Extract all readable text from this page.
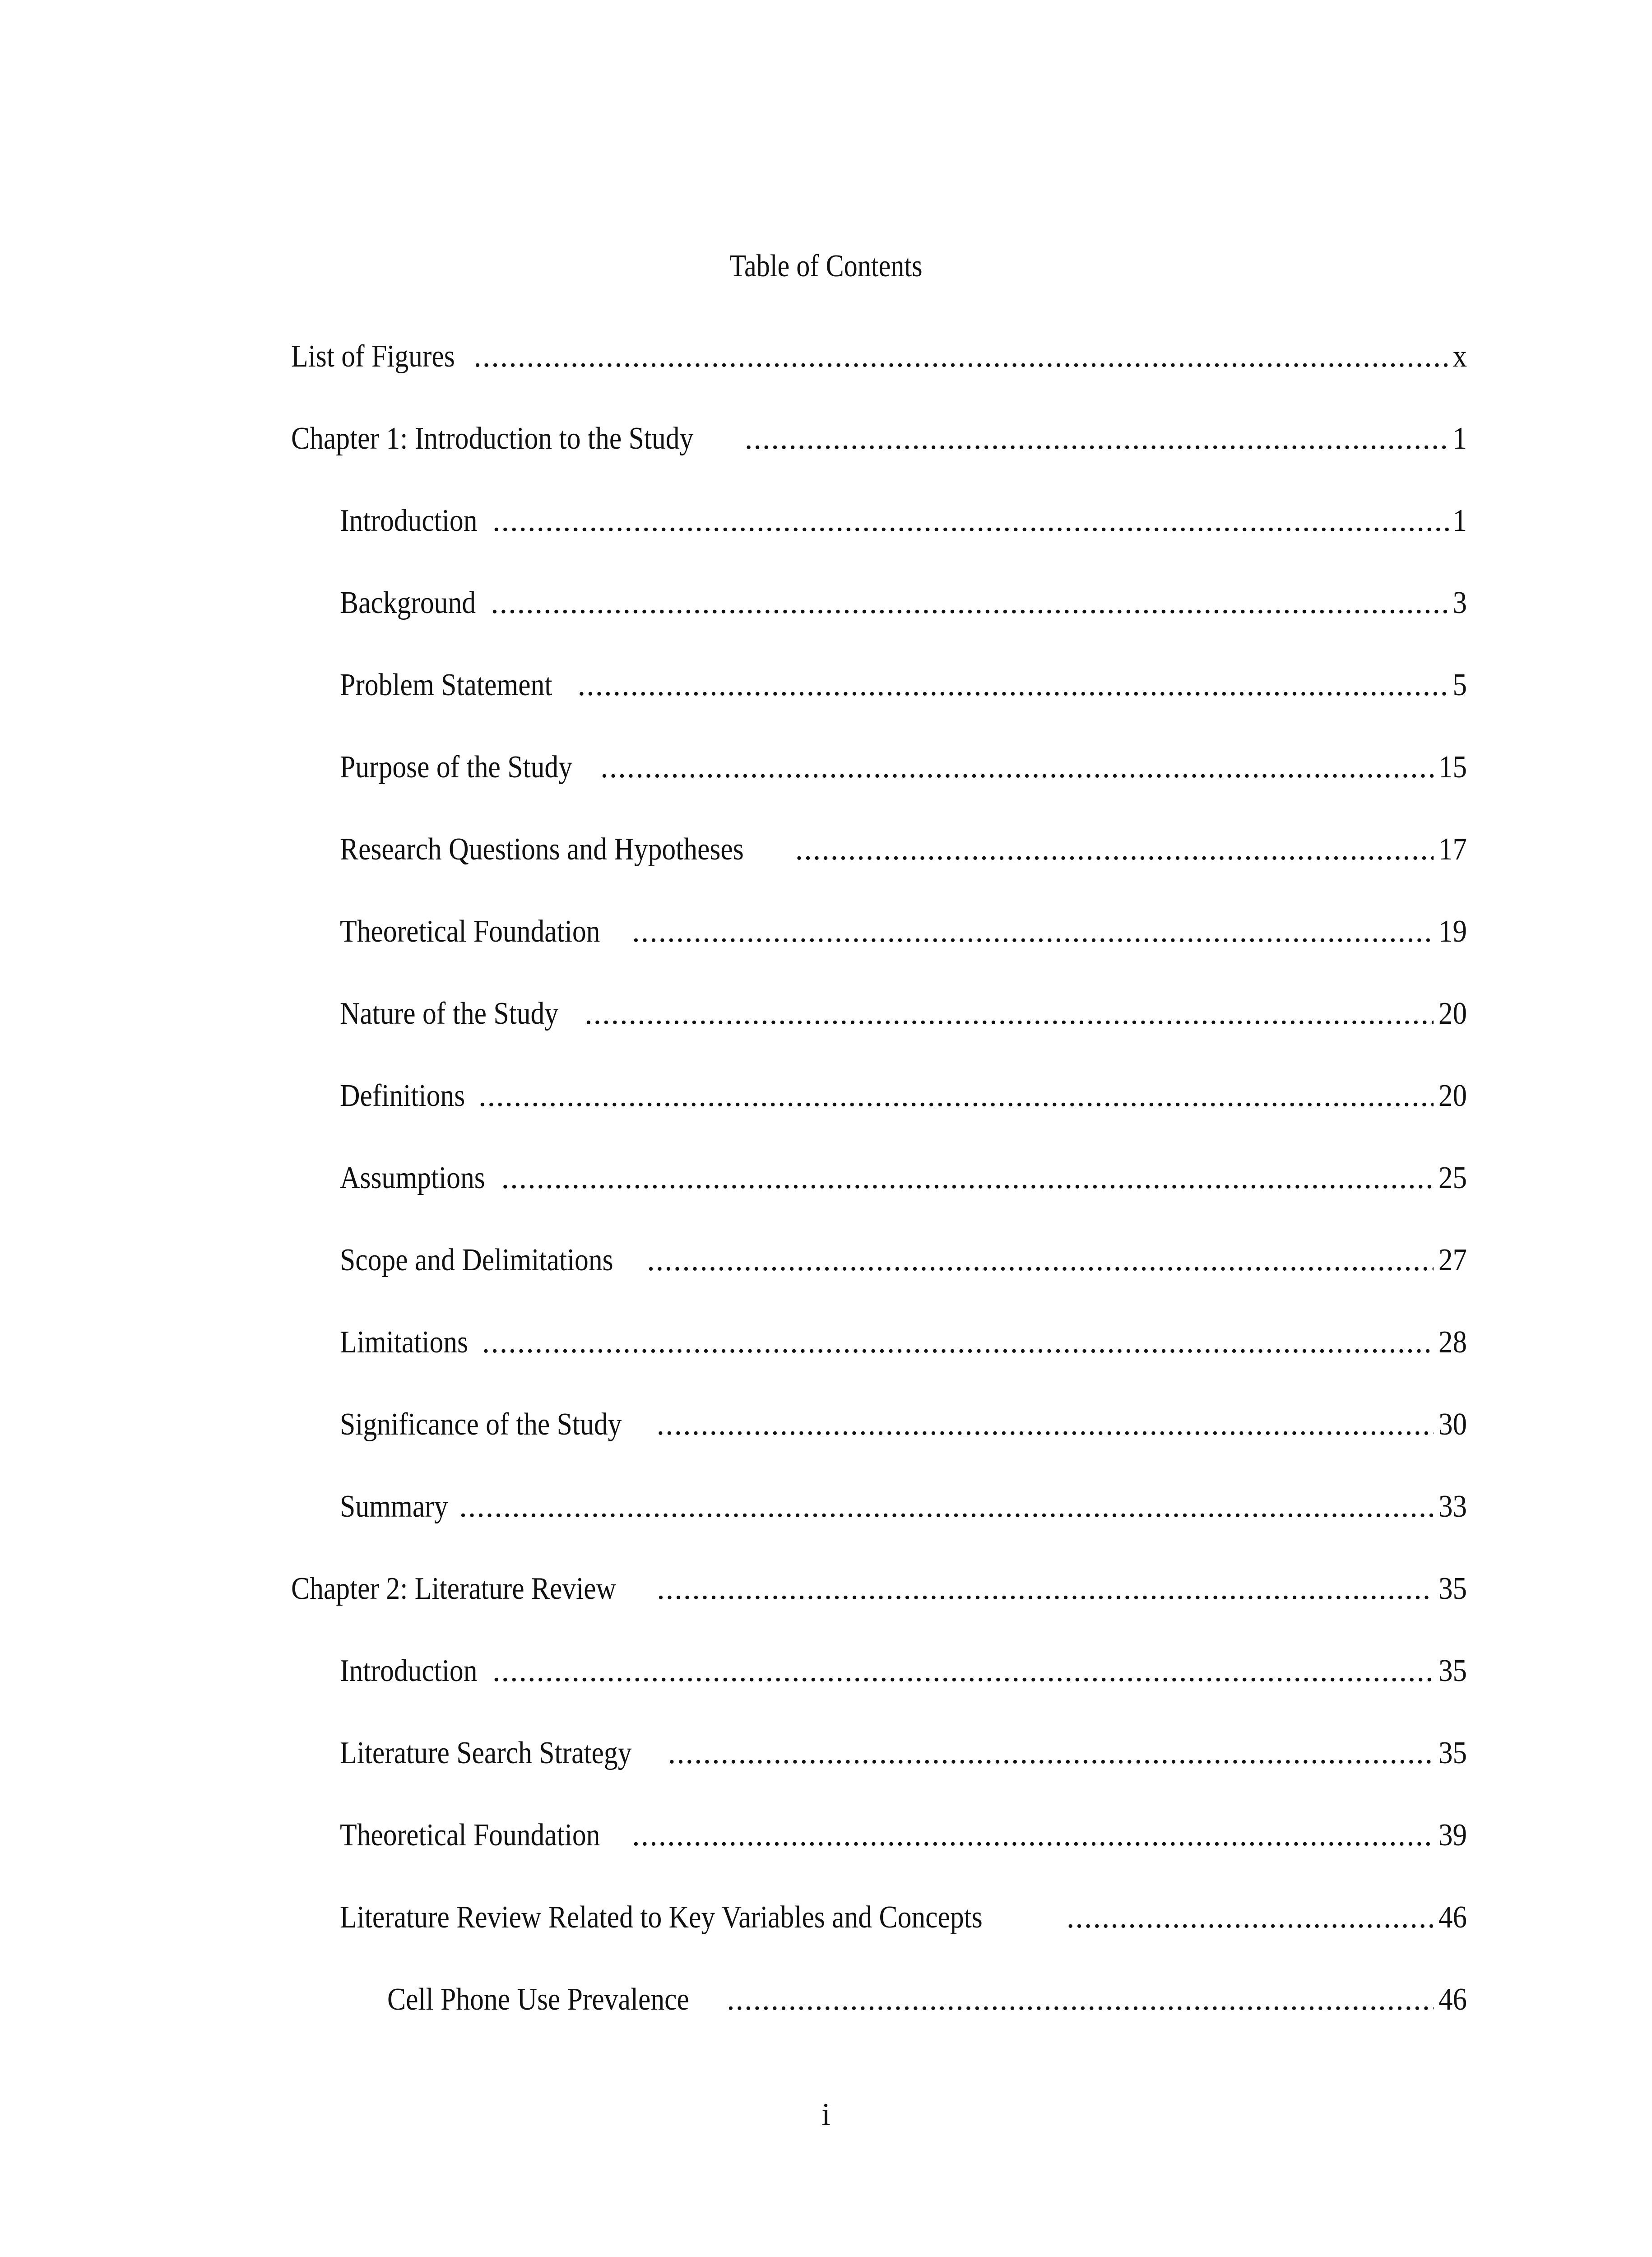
Table of Contents
List of Figures .....	x
Chapter 1: Introduction to the Study .....	1
Introduction .....	1
Background .....	3
Problem Statement .....	5
Purpose of the Study .....	15
Research Questions and Hypotheses .....	17
Theoretical Foundation .....	19
Nature of the Study .....	20
Definitions .....	20
Assumptions .....	25
Scope and Delimitations .....	27
Limitations .....	28
Significance of the Study .....	30
Summary .....	33
Chapter 2: Literature Review .....	35
Introduction .....	35
Literature Search Strategy .....	35
Theoretical Foundation .....	39
Literature Review Related to Key Variables and Concepts .....	46
Cell Phone Use Prevalence .....	46
i
